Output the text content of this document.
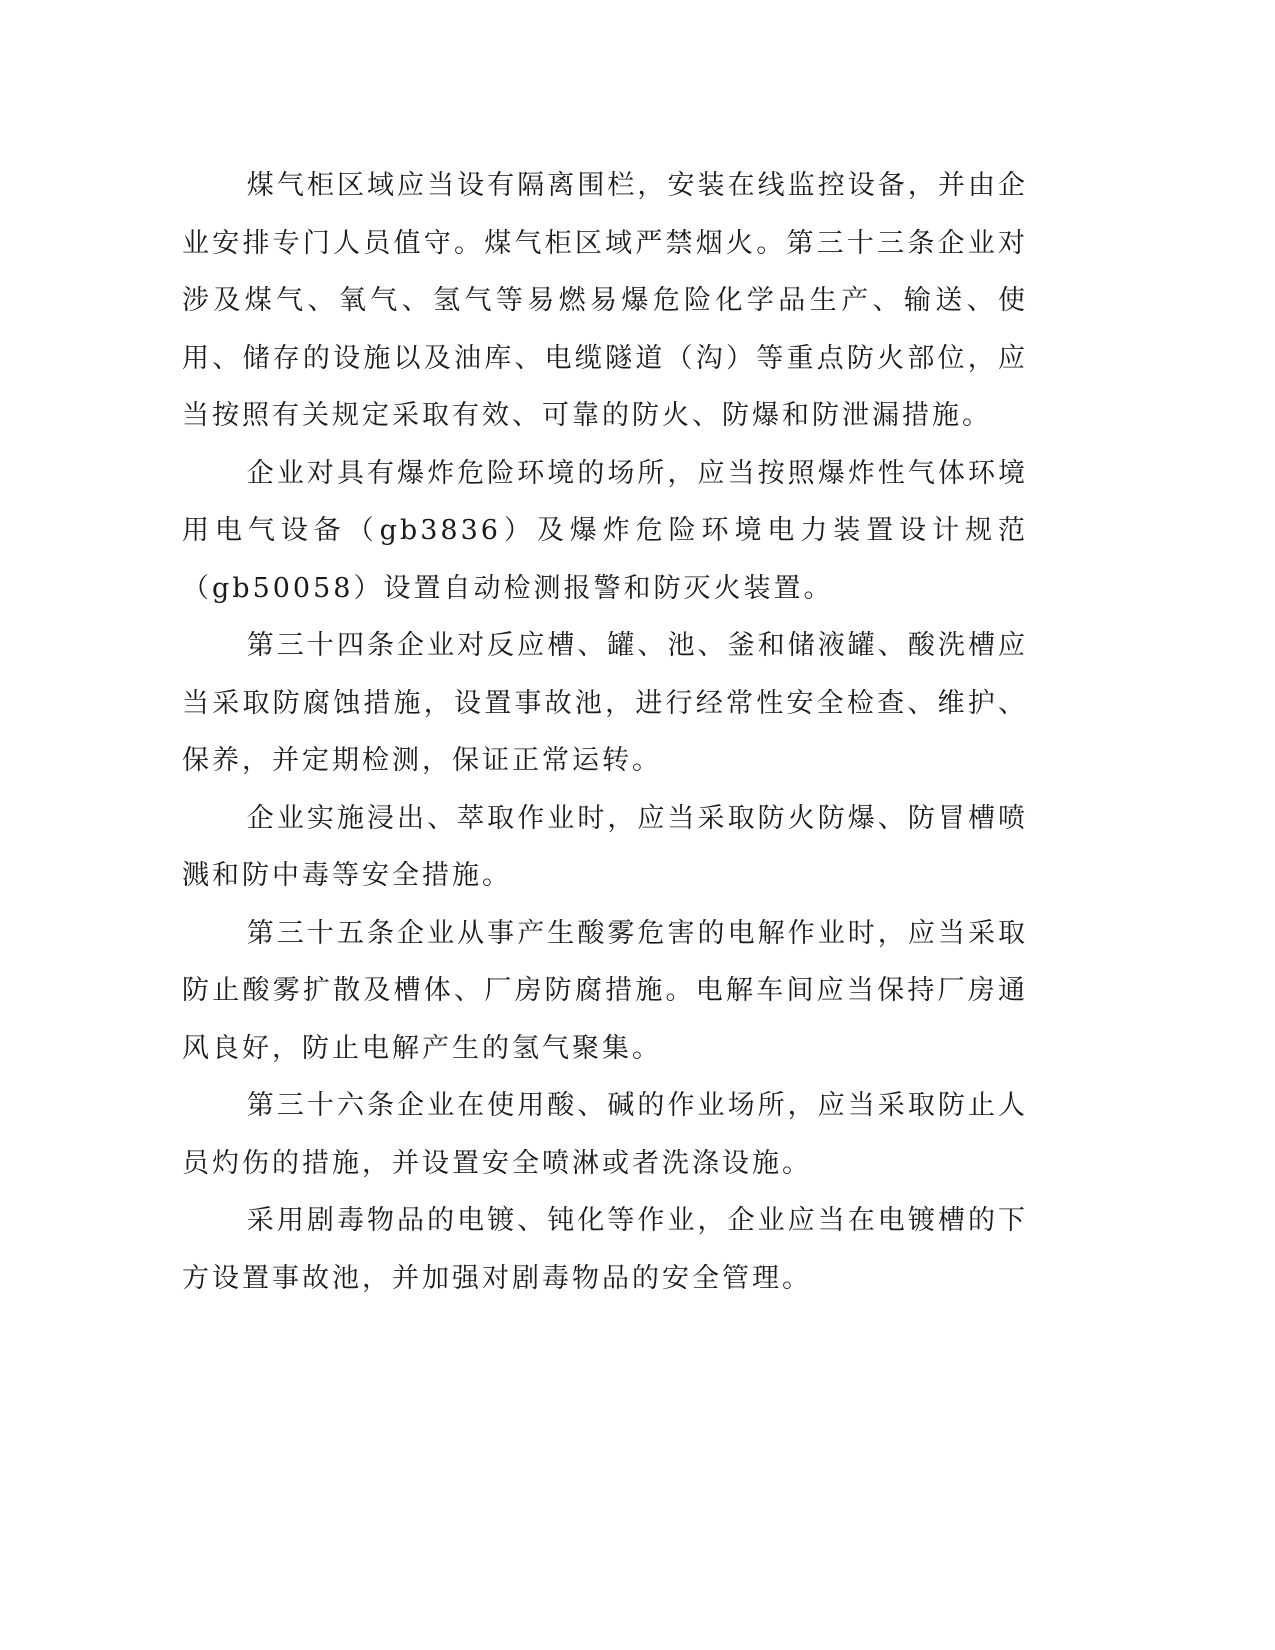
煤气柜区域应当设有隔离围栏，安装在线监控设备，并由企业安排专门人员值守。煤气柜区域严禁烟火。第三十三条企业对涉及煤气、氧气、氢气等易燃易爆危险化学品生产、输送、使用、储存的设施以及油库、电缆隧道（沟）等重点防火部位，应当按照有关规定采取有效、可靠的防火、防爆和防泄漏措施。

企业对具有爆炸危险环境的场所，应当按照爆炸性气体环境用电气设备（gb3836）及爆炸危险环境电力装置设计规范（gb50058）设置自动检测报警和防灭火装置。

第三十四条企业对反应槽、罐、池、釜和储液罐、酸洗槽应当采取防腐蚀措施，设置事故池，进行经常性安全检查、维护、保养，并定期检测，保证正常运转。

企业实施浸出、萃取作业时，应当采取防火防爆、防冒槽喷溅和防中毒等安全措施。

第三十五条企业从事产生酸雾危害的电解作业时，应当采取防止酸雾扩散及槽体、厂房防腐措施。电解车间应当保持厂房通风良好，防止电解产生的氢气聚集。

第三十六条企业在使用酸、碱的作业场所，应当采取防止人员灼伤的措施，并设置安全喷淋或者洗涤设施。

采用剧毒物品的电镀、钝化等作业，企业应当在电镀槽的下方设置事故池，并加强对剧毒物品的安全管理。
